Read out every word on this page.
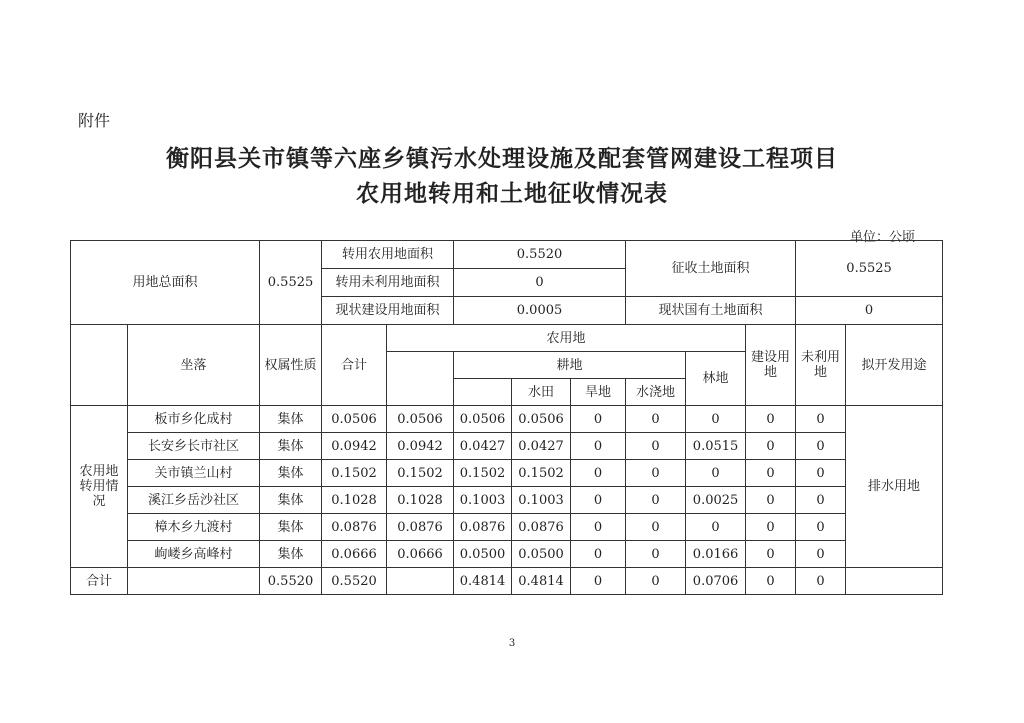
附件
衡阳县关市镇等六座乡镇污水处理设施及配套管网建设工程项目
农用地转用和土地征收情况表
单位：公顷
用地总面积		0.5525	转用农用地面积		0.5520			征收土地面积			0.5525	
			转用未利用地面积		0							
			现状建设用地面积		0.0005			现状国有土地面积			0	
	坐落	权属性质	合计	农用地						建设用地	未利用地	拟开发用途
					耕地				林地			
						水田	旱地	水浇地				
农用地转用情况	板市乡化成村	集体	0.0506	0.0506	0.0506	0.0506	0	0	0	0	0	排水用地
	长安乡长市社区	集体	0.0942	0.0942	0.0427	0.0427	0	0	0.0515	0	0	
	关市镇兰山村	集体	0.1502	0.1502	0.1502	0.1502	0	0	0	0	0	
	溪江乡岳沙社区	集体	0.1028	0.1028	0.1003	0.1003	0	0	0.0025	0	0	
	樟木乡九渡村	集体	0.0876	0.0876	0.0876	0.0876	0	0	0	0	0	
	岣嵝乡高峰村	集体	0.0666	0.0666	0.0500	0.0500	0	0	0.0166	0	0	
合计		0.5520	0.5520		0.4814	0.4814	0	0	0.0706	0	0	
3
